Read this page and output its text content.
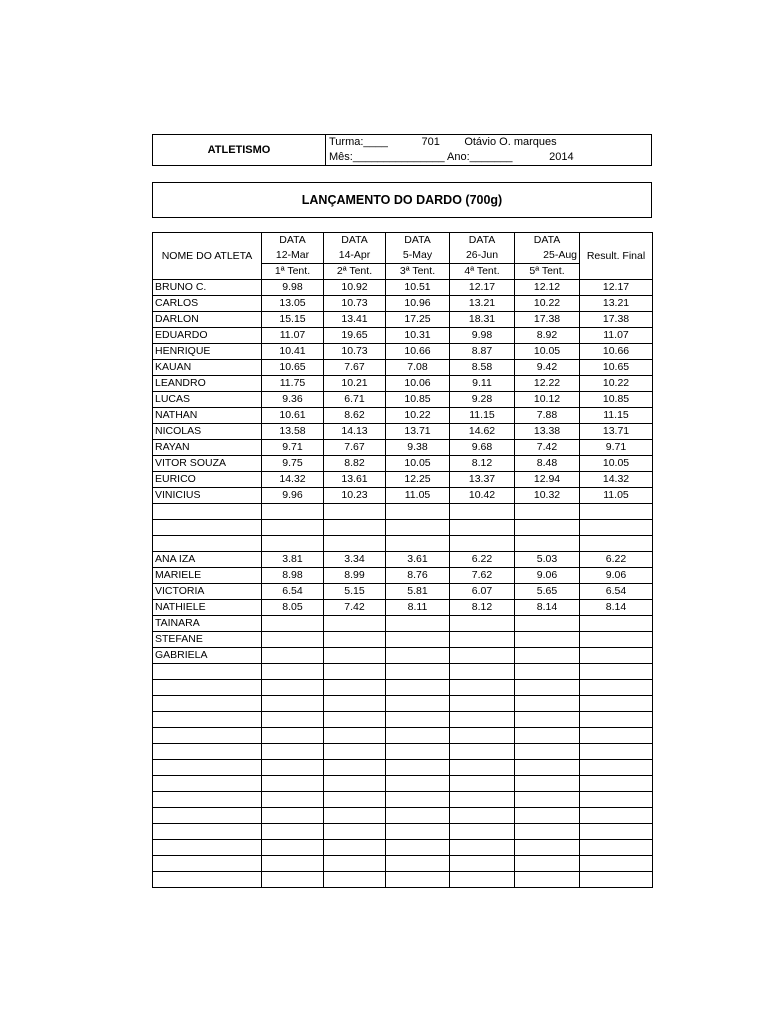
ATLETISMO
Turma:____           701        Otávio O. marques
Mês:_______________ Ano:_______            2014
LANÇAMENTO DO DARDO (700g)
NOME DO ATLETA	DATA	DATA	DATA	DATA	DATA	Result. Final
	12-Mar	14-Apr	5-May	26-Jun	25-Aug	
	1ª Tent.	2ª Tent.	3ª Tent.	4ª Tent.	5ª Tent.	
BRUNO C.	9.98	10.92	10.51	12.17	12.12	12.17
CARLOS	13.05	10.73	10.96	13.21	10.22	13.21
DARLON	15.15	13.41	17.25	18.31	17.38	17.38
EDUARDO	11.07	19.65	10.31	9.98	8.92	11.07
HENRIQUE	10.41	10.73	10.66	8.87	10.05	10.66
KAUAN	10.65	7.67	7.08	8.58	9.42	10.65
LEANDRO	11.75	10.21	10.06	9.11	12.22	10.22
LUCAS	9.36	6.71	10.85	9.28	10.12	10.85
NATHAN	10.61	8.62	10.22	11.15	7.88	11.15
NICOLAS	13.58	14.13	13.71	14.62	13.38	13.71
RAYAN	9.71	7.67	9.38	9.68	7.42	9.71
VITOR SOUZA	9.75	8.82	10.05	8.12	8.48	10.05
EURICO	14.32	13.61	12.25	13.37	12.94	14.32
VINICIUS	9.96	10.23	11.05	10.42	10.32	11.05

ANA IZA	3.81	3.34	3.61	6.22	5.03	6.22
MARIELE	8.98	8.99	8.76	7.62	9.06	9.06
VICTORIA	6.54	5.15	5.81	6.07	5.65	6.54
NATHIELE	8.05	7.42	8.11	8.12	8.14	8.14
TAINARA						
STEFANE						
GABRIELA						
